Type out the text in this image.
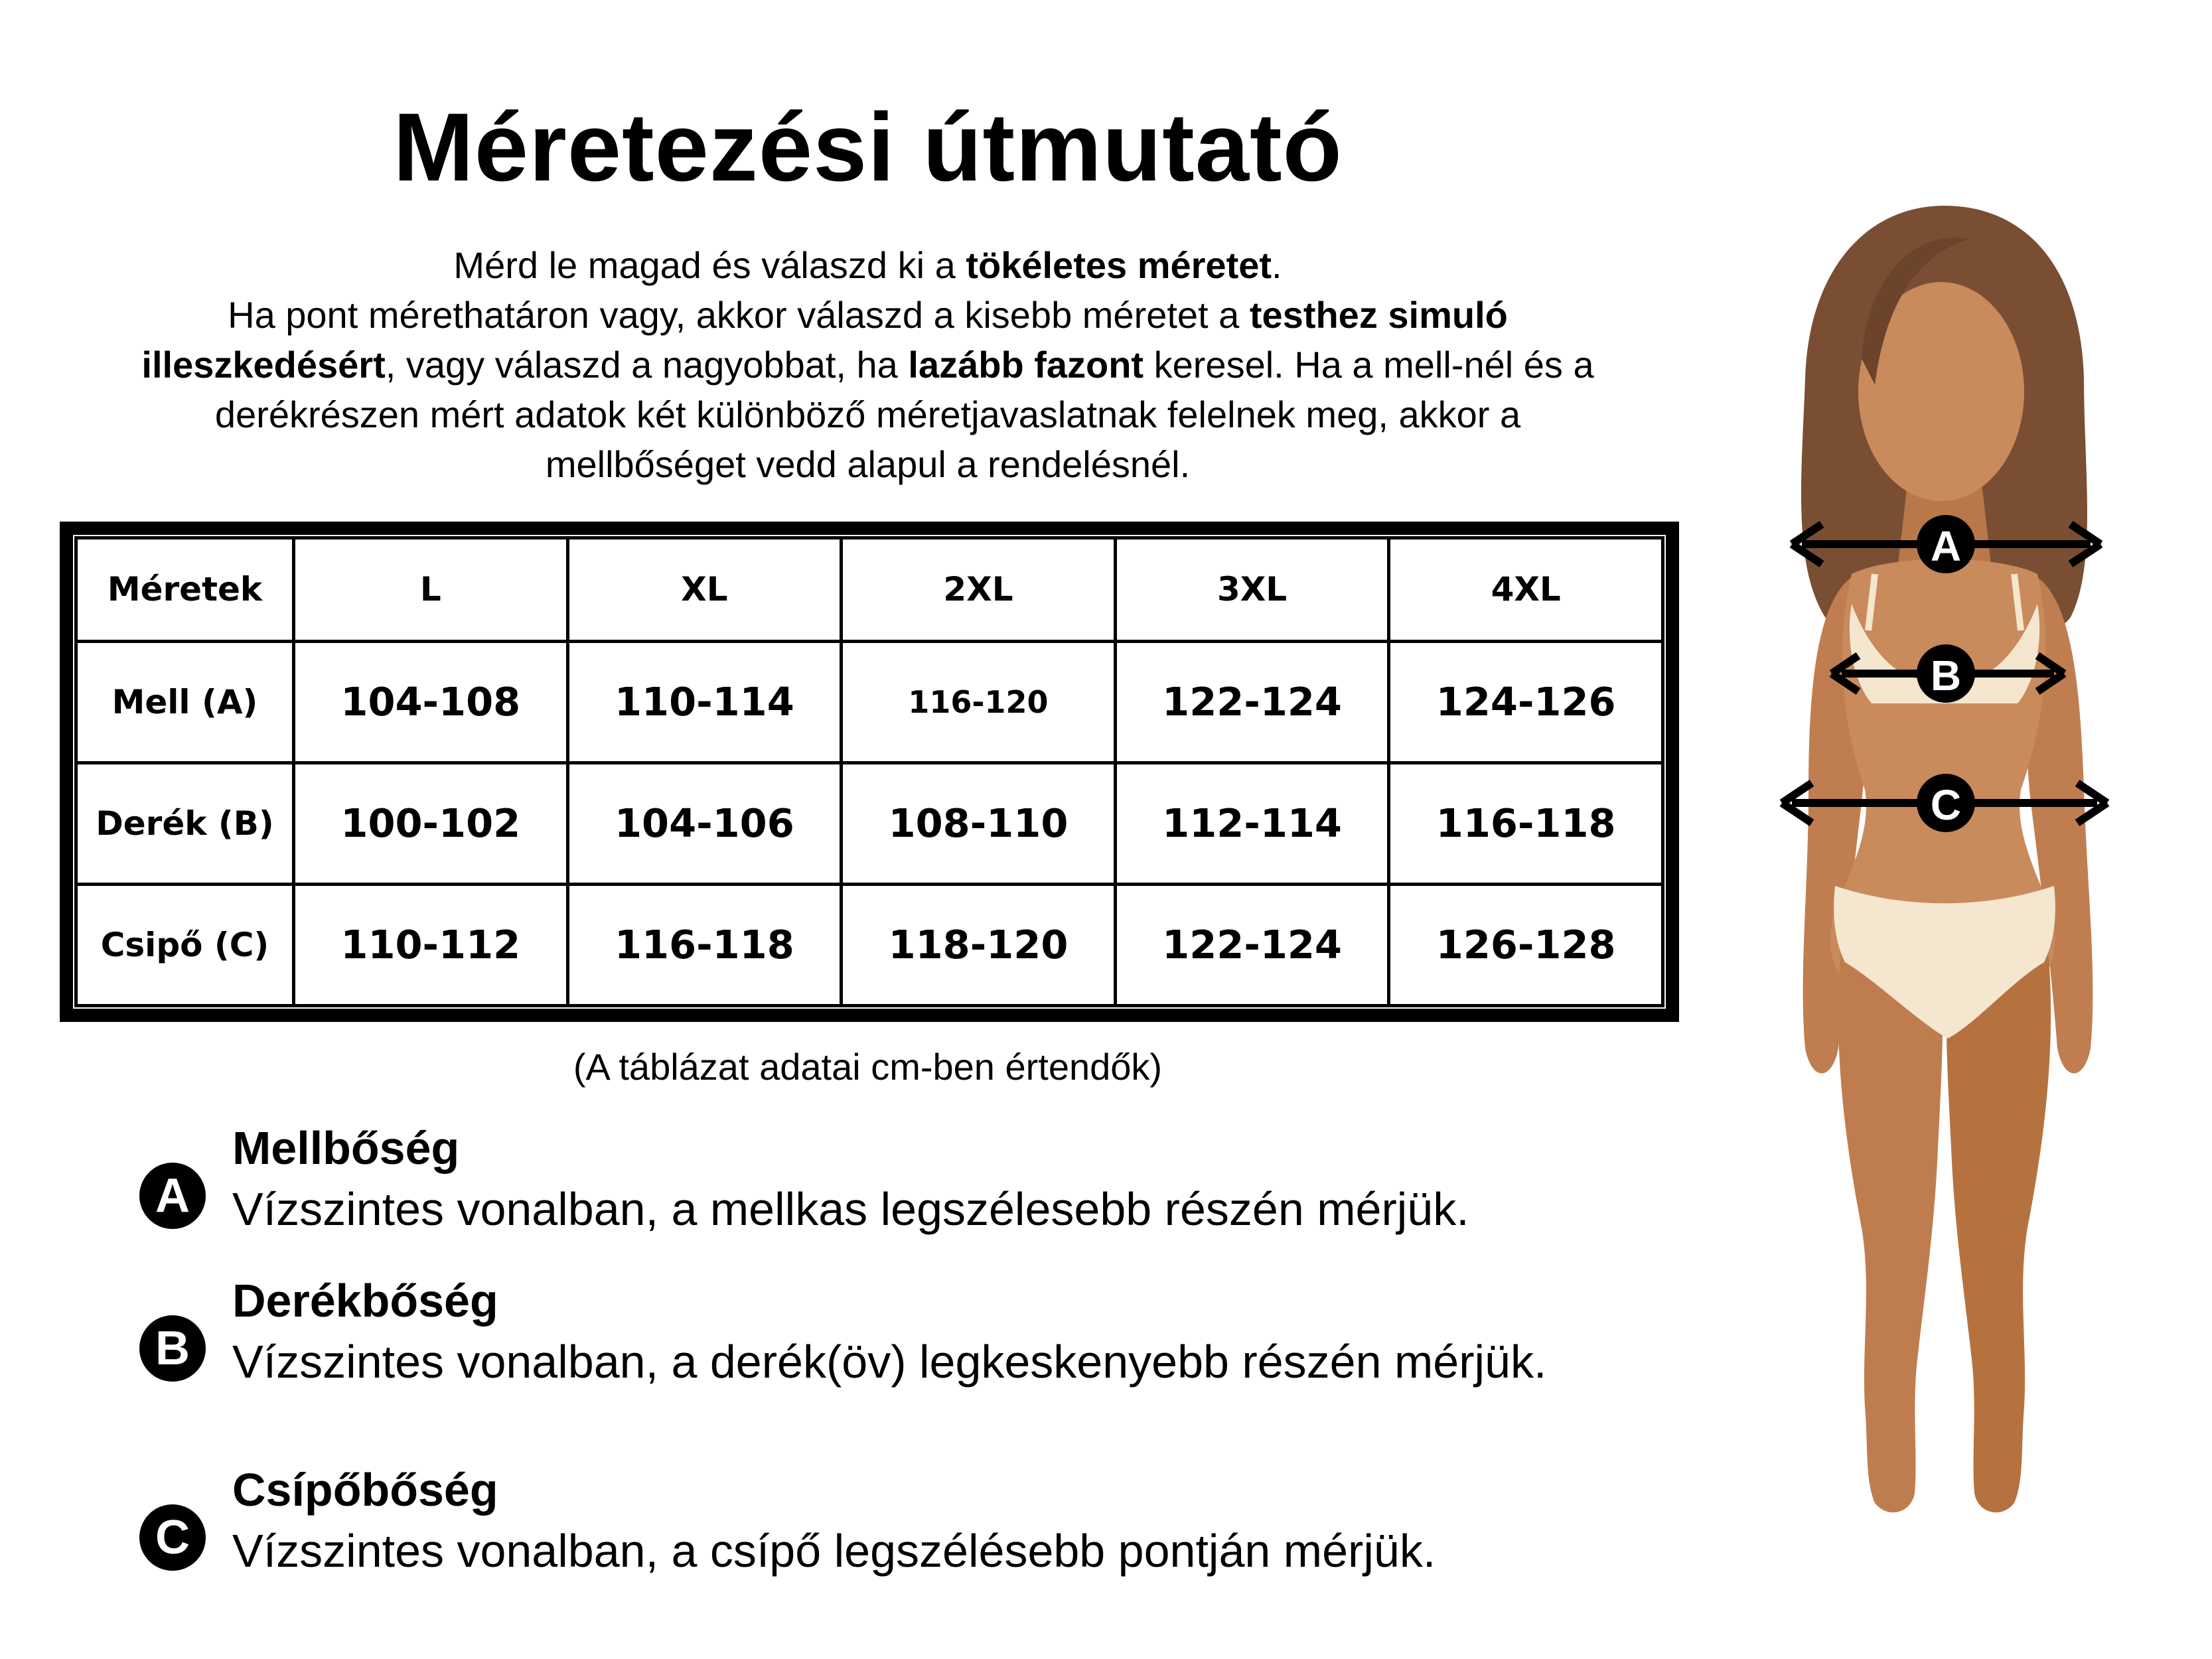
Méretezési útmutató
Mérd le magad és válaszd ki a tökéletes méretet.
Ha pont mérethatáron vagy, akkor válaszd a kisebb méretet a testhez simuló illeszkedésért, vagy válaszd a nagyobbat, ha lazább fazont keresel. Ha a mell-nél és a derékrészen mért adatok két különböző méretjavaslatnak felelnek meg, akkor a mellbőséget vedd alapul a rendelésnél.
Méretek	L	XL	2XL	3XL	4XL
Mell (A)	104-108	110-114	116-120	122-124	124-126
Derék (B)	100-102	104-106	108-110	112-114	116-118
Csipő (C)	110-112	116-118	118-120	122-124	126-128
(A táblázat adatai cm-ben értendők)
A
Mellbőség
Vízszintes vonalban, a mellkas legszélesebb részén mérjük.
B
Derékbőség
Vízszintes vonalban, a derék(öv) legkeskenyebb részén mérjük.
C
Csípőbőség
Vízszintes vonalban, a csípő legszélésebb pontján mérjük.
A
B
C
